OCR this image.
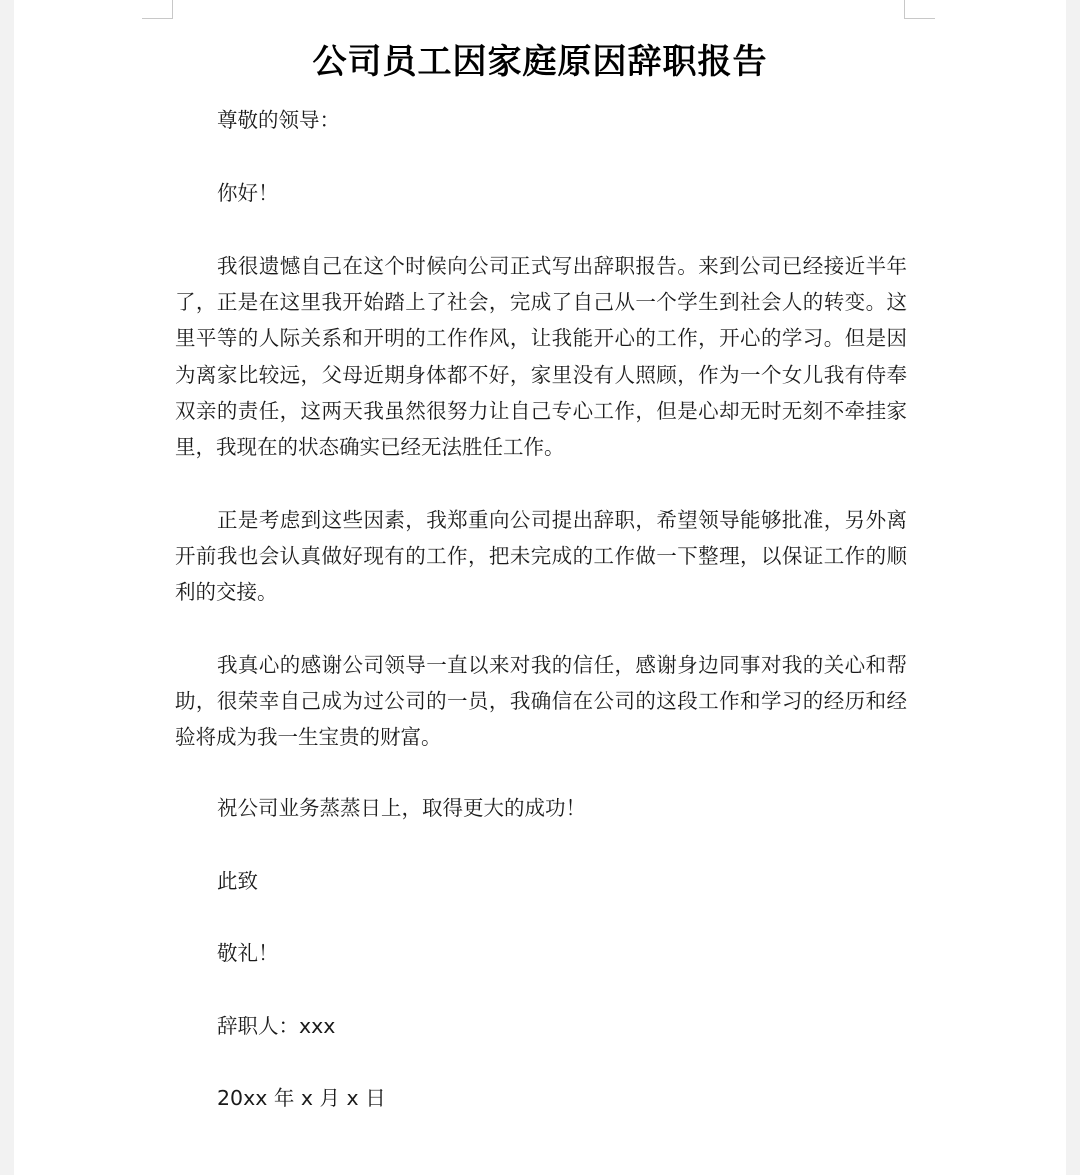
公司员工因家庭原因辞职报告
尊敬的领导：
你好！

我很遗憾自己在这个时候向公司正式写出辞职报告。来到公司已经接近半年了，正是在这里我开始踏上了社会，完成了自己从一个学生到社会人的转变。这里平等的人际关系和开明的工作作风，让我能开心的工作，开心的学习。但是因为离家比较远，父母近期身体都不好，家里没有人照顾，作为一个女儿我有侍奉双亲的责任，这两天我虽然很努力让自己专心工作，但是心却无时无刻不牵挂家里，我现在的状态确实已经无法胜任工作。

正是考虑到这些因素，我郑重向公司提出辞职，希望领导能够批准，另外离开前我也会认真做好现有的工作，把未完成的工作做一下整理，以保证工作的顺利的交接。

我真心的感谢公司领导一直以来对我的信任，感谢身边同事对我的关心和帮助，很荣幸自己成为过公司的一员，我确信在公司的这段工作和学习的经历和经验将成为我一生宝贵的财富。

祝公司业务蒸蒸日上，取得更大的成功！
此致
敬礼！
辞职人：xxx
20xx 年 x 月 x 日
